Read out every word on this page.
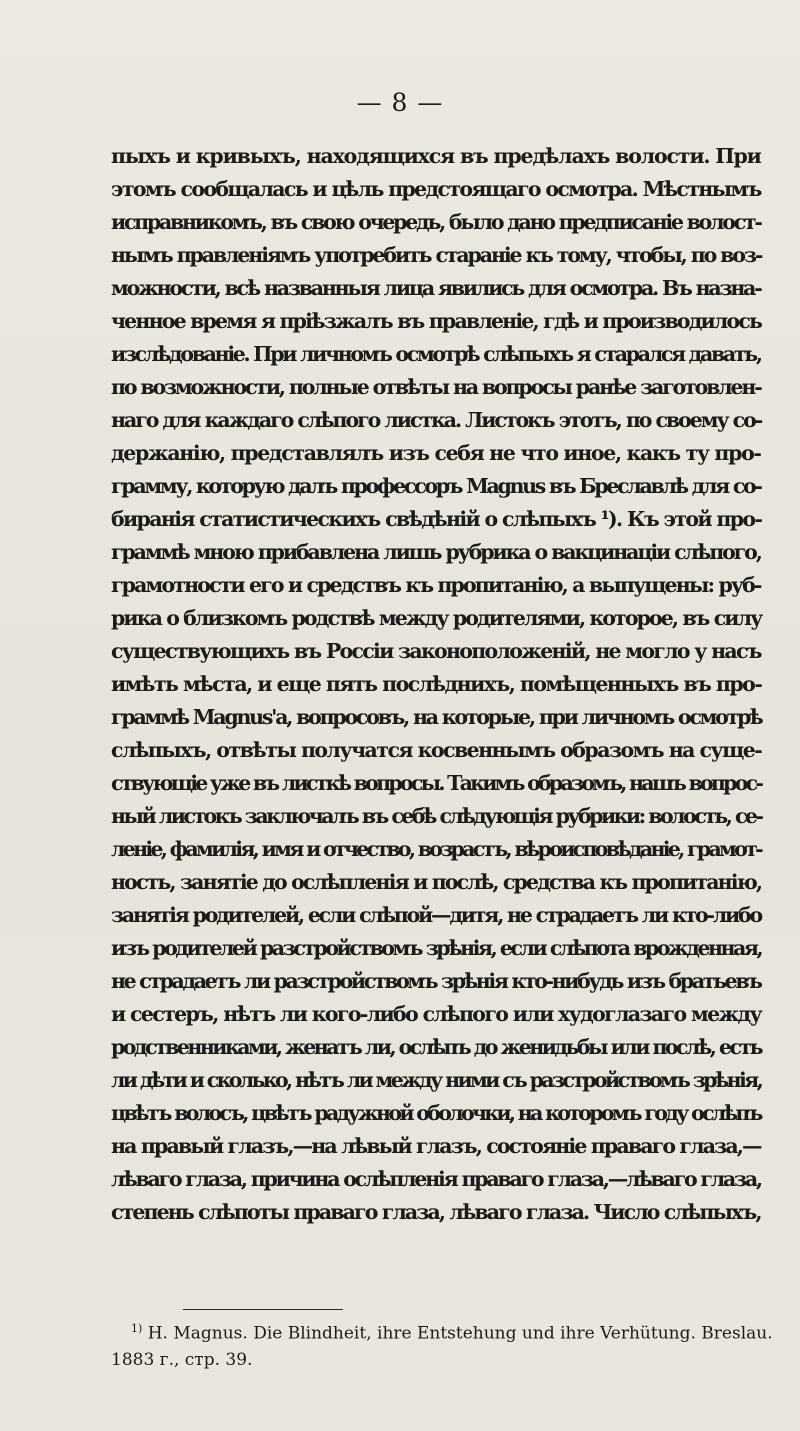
— 8 —
пыхъ и кривыхъ, находящихся въ предѣлахъ волости. При
этомъ сообщалась и цѣль предстоящаго осмотра. Мѣстнымъ
исправникомъ, въ свою очередь, было дано предписаніе волост-
нымъ правленіямъ употребить стараніе къ тому, чтобы, по воз-
можности, всѣ названныя лица явились для осмотра. Въ назна-
ченное время я пріѣзжалъ въ правленіе, гдѣ и производилось
изслѣдованіе. При личномъ осмотрѣ слѣпыхъ я старался давать,
по возможности, полные отвѣты на вопросы ранѣе заготовлен-
наго для каждаго слѣпого листка. Листокъ этотъ, по своему со-
держанію, представлялъ изъ себя не что иное, какъ ту про-
грамму, которую далъ профессоръ Magnus въ Бреславлѣ для со-
биранія статистическихъ свѣдѣній о слѣпыхъ ¹). Къ этой про-
граммѣ мною прибавлена лишь рубрика о вакцинаціи слѣпого,
грамотности его и средствъ къ пропитанію, а выпущены: руб-
рика о близкомъ родствѣ между родителями, которое, въ силу
существующихъ въ Россіи законоположеній, не могло у насъ
имѣть мѣста, и еще пять послѣднихъ, помѣщенныхъ въ про-
граммѣ Magnus'а, вопросовъ, на которые, при личномъ осмотрѣ
слѣпыхъ, отвѣты получатся косвеннымъ образомъ на суще-
ствующіе уже въ листкѣ вопросы. Такимъ образомъ, нашъ вопрос-
ный листокъ заключалъ въ себѣ слѣдующія рубрики: волость, се-
леніе, фамилія, имя и отчество, возрастъ, вѣроисповѣданіе, грамот-
ность, занятіе до ослѣпленія и послѣ, средства къ пропитанію,
занятія родителей, если слѣпой—дитя, не страдаетъ ли кто-либо
изъ родителей разстройствомъ зрѣнія, если слѣпота врожденная,
не страдаетъ ли разстройствомъ зрѣнія кто-нибудь изъ братьевъ
и сестеръ, нѣтъ ли кого-либо слѣпого или худоглазаго между
родственниками, женатъ ли, ослѣпъ до женидьбы или послѣ, есть
ли дѣти и сколько, нѣтъ ли между ними съ разстройствомъ зрѣнія,
цвѣтъ волосъ, цвѣтъ радужной оболочки, на которомъ году ослѣпъ
на правый глазъ,—на лѣвый глазъ, состояніе праваго глаза,—
лѣваго глаза, причина ослѣпленія праваго глаза,—лѣваго глаза,
степень слѣпоты праваго глаза, лѣваго глаза. Число слѣпыхъ,
$^{1)}$ H. Magnus. Die Blindheit, ihre Entstehung und ihre Verhütung. Breslau.
1883 г., стр. 39.
